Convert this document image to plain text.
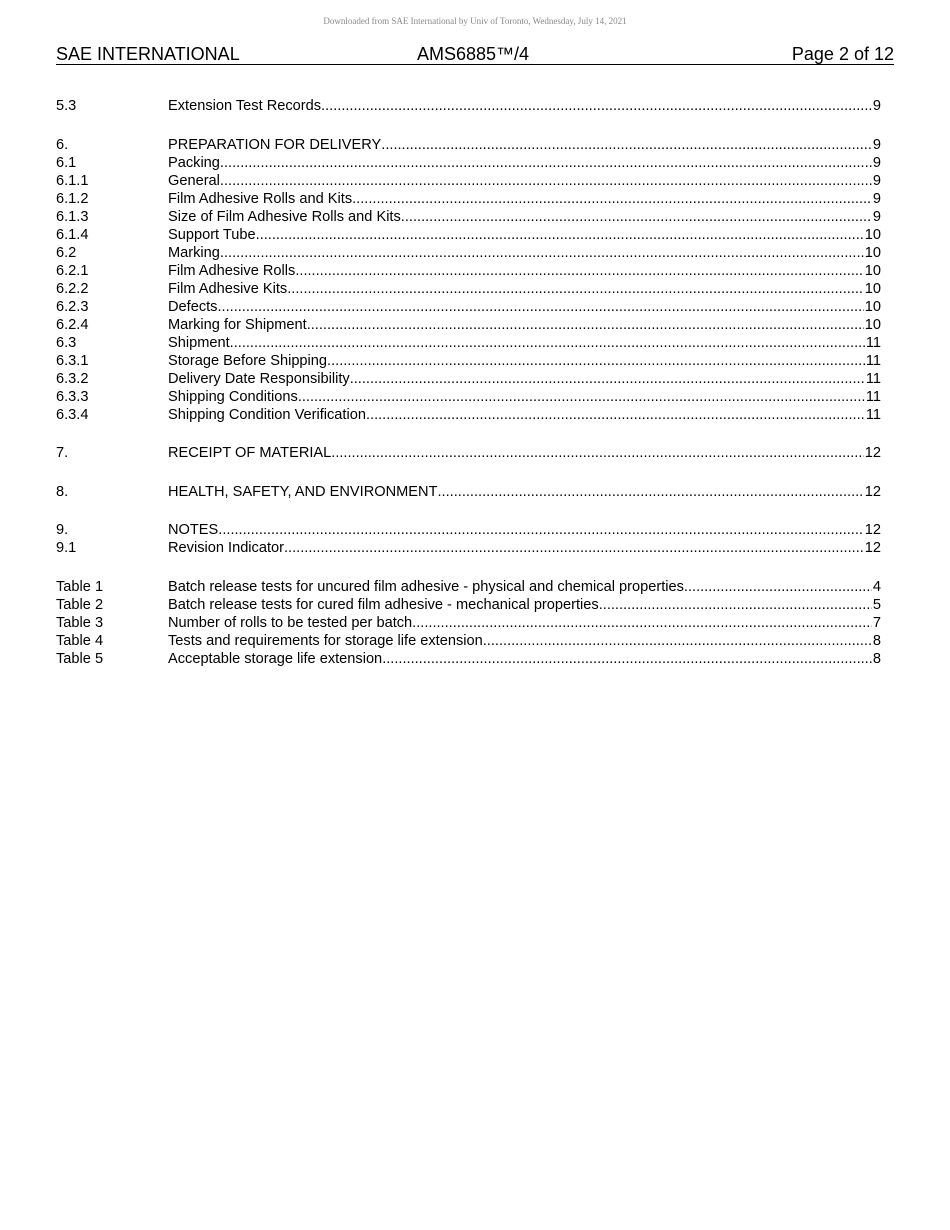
Downloaded from SAE International by Univ of Toronto, Wednesday, July 14, 2021
SAE INTERNATIONAL	AMS6885™/4	Page 2 of 12
5.3	Extension Test Records .....	9
6.	PREPARATION FOR DELIVERY .....	9
6.1	Packing .....	9
6.1.1	General .....	9
6.1.2	Film Adhesive Rolls and Kits .....	9
6.1.3	Size of Film Adhesive Rolls and Kits .....	9
6.1.4	Support Tube .....	10
6.2	Marking .....	10
6.2.1	Film Adhesive Rolls .....	10
6.2.2	Film Adhesive Kits .....	10
6.2.3	Defects .....	10
6.2.4	Marking for Shipment .....	10
6.3	Shipment .....	11
6.3.1	Storage Before Shipping .....	11
6.3.2	Delivery Date Responsibility .....	11
6.3.3	Shipping Conditions .....	11
6.3.4	Shipping Condition Verification .....	11
7.	RECEIPT OF MATERIAL .....	12
8.	HEALTH, SAFETY, AND ENVIRONMENT .....	12
9.	NOTES .....	12
9.1	Revision Indicator .....	12
Table 1	Batch release tests for uncured film adhesive - physical and chemical properties .....	4
Table 2	Batch release tests for cured film adhesive - mechanical properties .....	5
Table 3	Number of rolls to be tested per batch .....	7
Table 4	Tests and requirements for storage life extension .....	8
Table 5	Acceptable storage life extension .....	8
